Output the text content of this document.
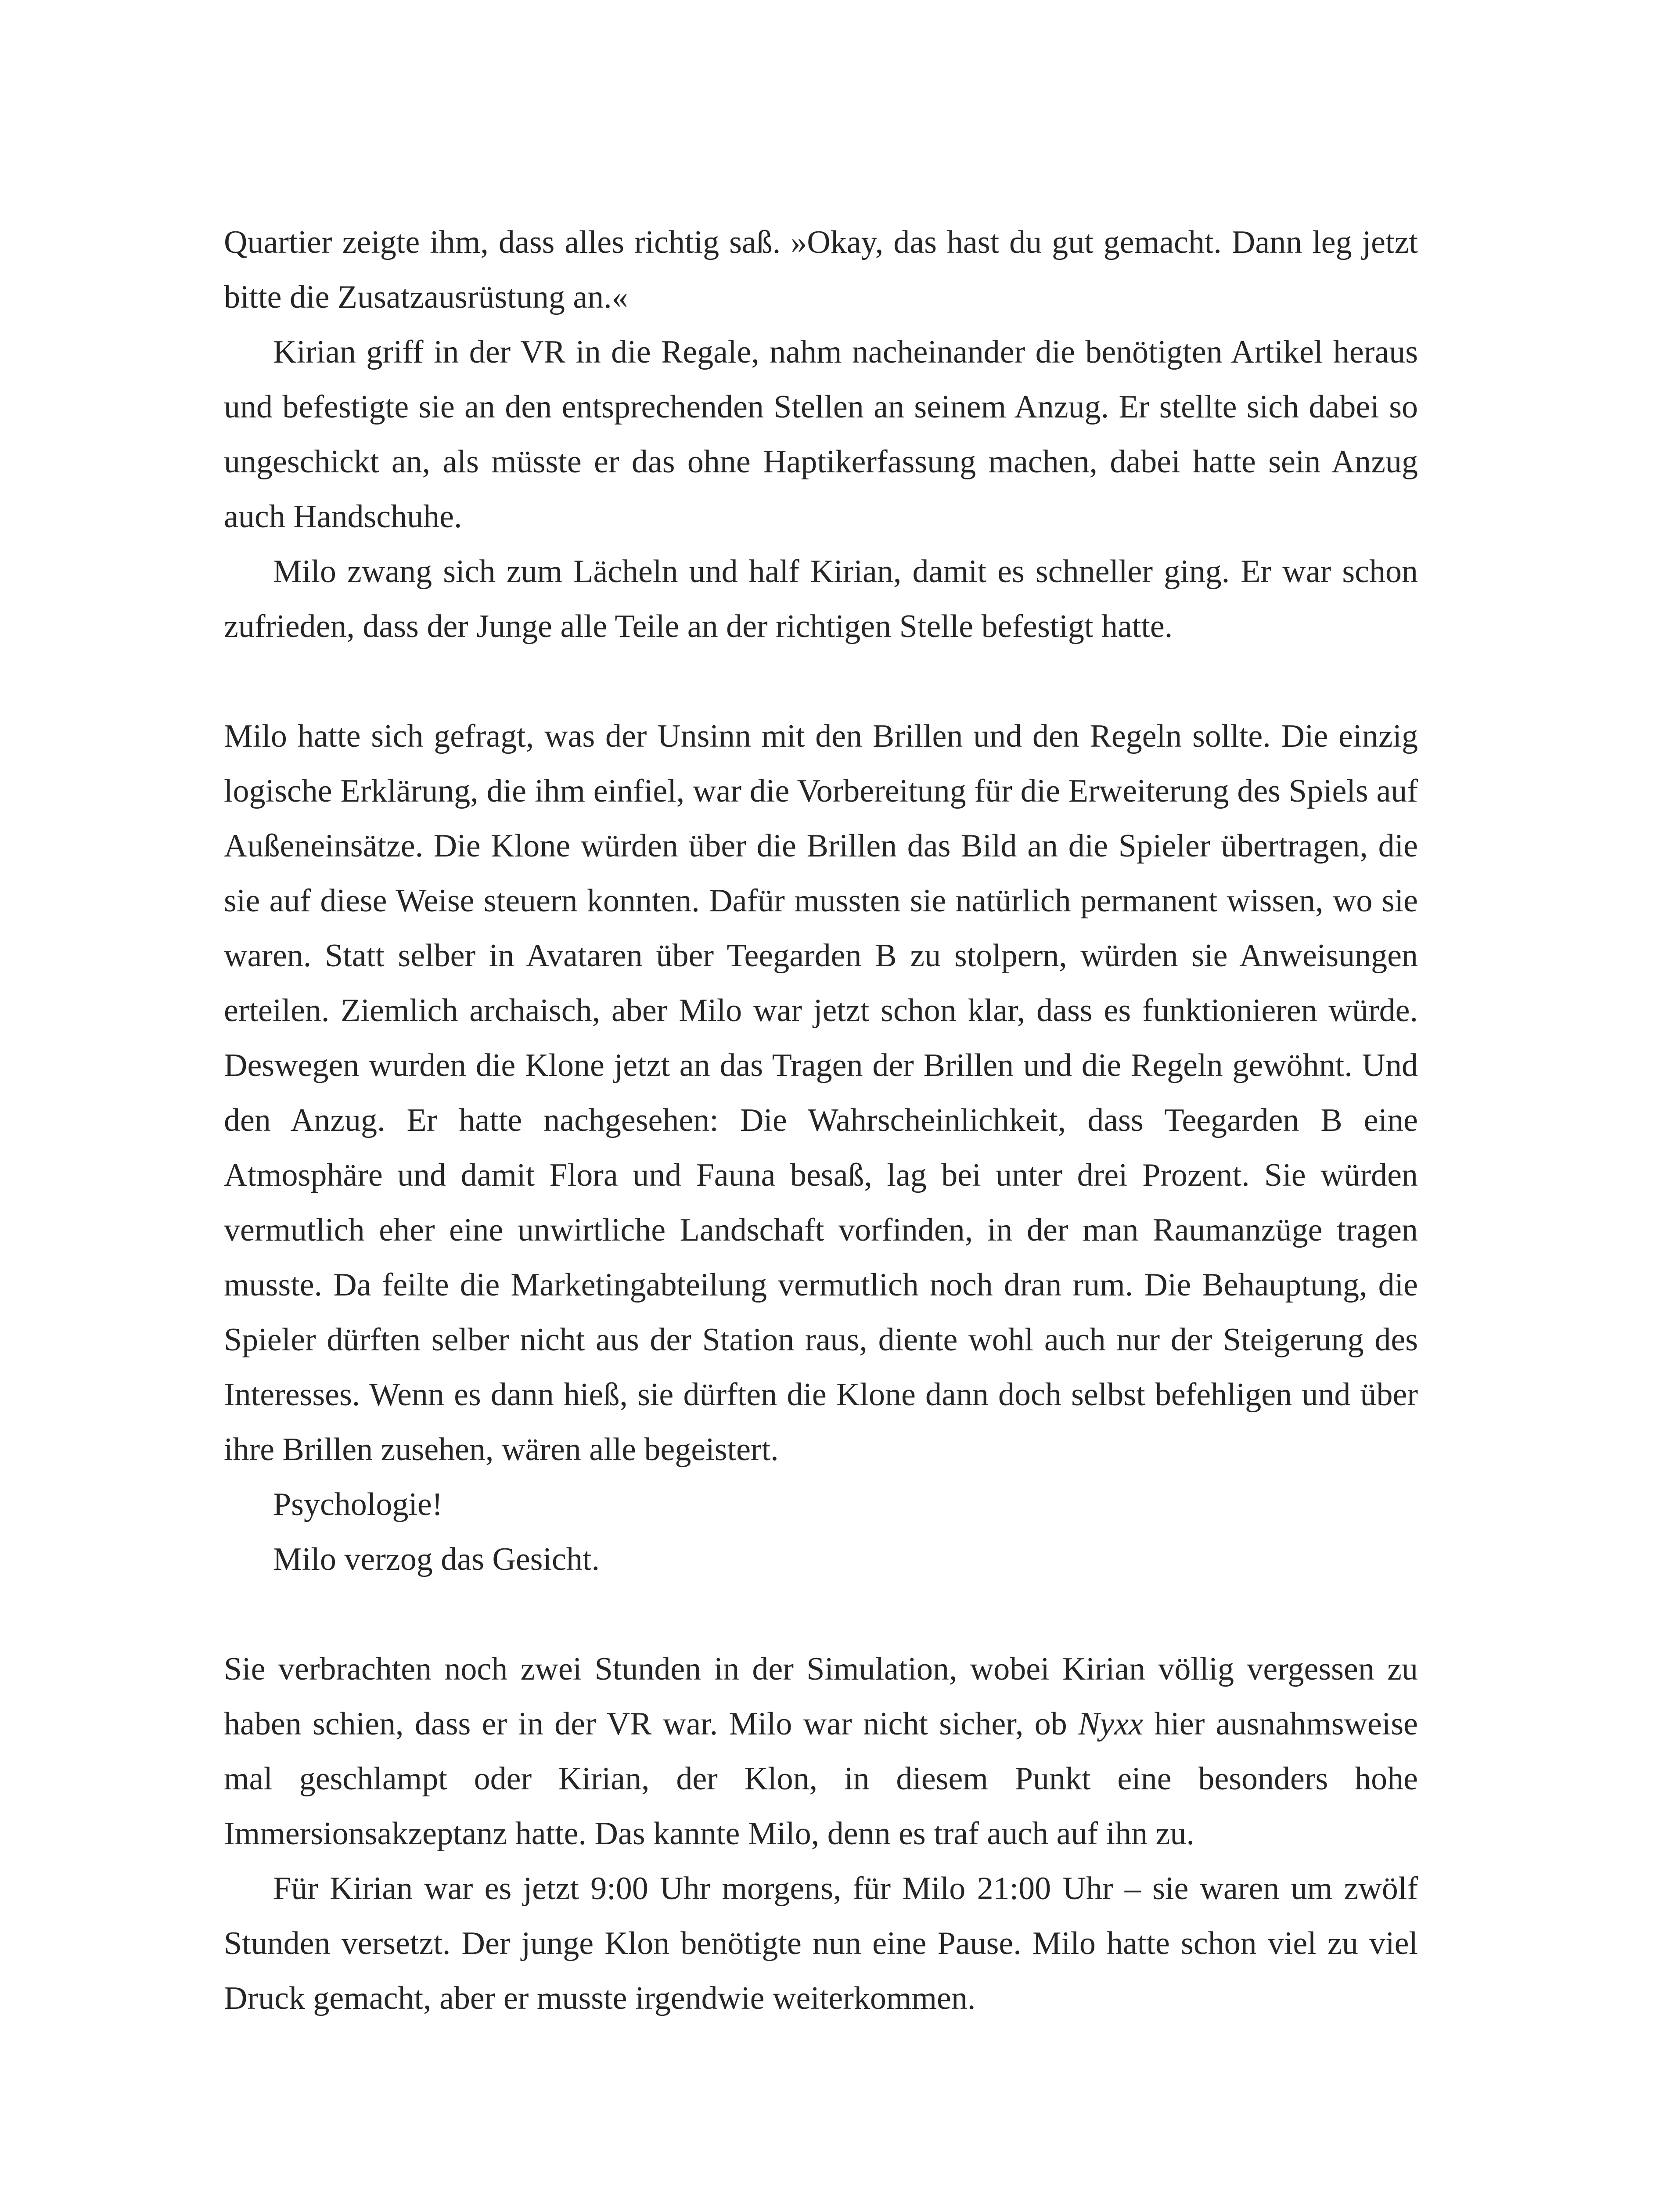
Quartier zeigte ihm, dass alles richtig saß. »Okay, das hast du gut gemacht. Dann leg jetzt bitte die Zusatzausrüstung an.«

Kirian griff in der VR in die Regale, nahm nacheinander die benötigten Artikel heraus und befestigte sie an den entsprechenden Stellen an seinem Anzug. Er stellte sich dabei so ungeschickt an, als müsste er das ohne Haptikerfassung machen, dabei hatte sein Anzug auch Handschuhe.

Milo zwang sich zum Lächeln und half Kirian, damit es schneller ging. Er war schon zufrieden, dass der Junge alle Teile an der richtigen Stelle befestigt hatte.

Milo hatte sich gefragt, was der Unsinn mit den Brillen und den Regeln sollte. Die einzig logische Erklärung, die ihm einfiel, war die Vorbereitung für die Erweiterung des Spiels auf Außeneinsätze. Die Klone würden über die Brillen das Bild an die Spieler übertragen, die sie auf diese Weise steuern konnten. Dafür mussten sie natürlich permanent wissen, wo sie waren. Statt selber in Avataren über Teegarden B zu stolpern, würden sie Anweisungen erteilen. Ziemlich archaisch, aber Milo war jetzt schon klar, dass es funktionieren würde. Deswegen wurden die Klone jetzt an das Tragen der Brillen und die Regeln gewöhnt. Und den Anzug. Er hatte nachgesehen: Die Wahrscheinlichkeit, dass Teegarden B eine Atmosphäre und damit Flora und Fauna besaß, lag bei unter drei Prozent. Sie würden vermutlich eher eine unwirtliche Landschaft vorfinden, in der man Raumanzüge tragen musste. Da feilte die Marketingabteilung vermutlich noch dran rum. Die Behauptung, die Spieler dürften selber nicht aus der Station raus, diente wohl auch nur der Steigerung des Interesses. Wenn es dann hieß, sie dürften die Klone dann doch selbst befehligen und über ihre Brillen zusehen, wären alle begeistert.

Psychologie!

Milo verzog das Gesicht.

Sie verbrachten noch zwei Stunden in der Simulation, wobei Kirian völlig vergessen zu haben schien, dass er in der VR war. Milo war nicht sicher, ob Nyxx hier ausnahmsweise mal geschlampt oder Kirian, der Klon, in diesem Punkt eine besonders hohe Immersionsakzeptanz hatte. Das kannte Milo, denn es traf auch auf ihn zu.

Für Kirian war es jetzt 9:00 Uhr morgens, für Milo 21:00 Uhr – sie waren um zwölf Stunden versetzt. Der junge Klon benötigte nun eine Pause. Milo hatte schon viel zu viel Druck gemacht, aber er musste irgendwie weiterkommen.
